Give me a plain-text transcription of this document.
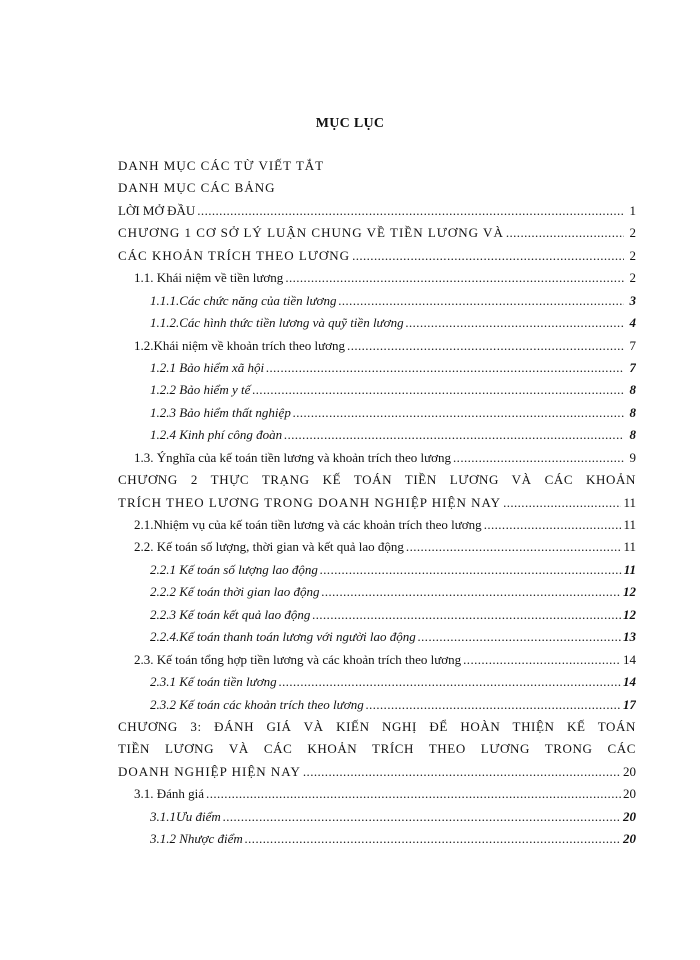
MỤC LỤC
DANH MỤC CÁC TỪ VIẾT TẮT
DANH MỤC CÁC BẢNG
LỜI MỞ ĐẦU .....	1
CHƯƠNG 1 CƠ SỞ LÝ LUẬN CHUNG VỀ TIỀN LƯƠNG VÀ .....	2
CÁC KHOẢN TRÍCH THEO LƯƠNG .....	2
1.1. Khái niệm về tiền lương .....	2
1.1.1.Các chức năng của tiền lương .....	3
1.1.2.Các hình thức tiền lương và quỹ tiền lương .....	4
1.2.Khái niệm về khoản trích theo lương .....	7
1.2.1 Bảo hiểm xã hội .....	7
1.2.2 Bảo hiểm y tế .....	8
1.2.3 Bảo hiểm thất nghiệp .....	8
1.2.4 Kinh phí công đoàn .....	8
1.3. Ýnghĩa của kế toán tiền lương và khoản trích theo lương .....	9
CHƯƠNG 2 THỰC TRẠNG KẾ TOÁN TIỀN LƯƠNG VÀ CÁC KHOẢN
TRÍCH THEO LƯƠNG TRONG DOANH NGHIỆP HIỆN NAY .....	11
2.1.Nhiệm vụ của kế toán tiền lương và các khoản trích theo lương .....	11
2.2. Kế toán số lượng, thời gian và kết quả lao động .....	11
2.2.1 Kế toán số lượng lao động .....	11
2.2.2 Kế toán thời gian lao động .....	12
2.2.3 Kế toán kết quả lao động .....	12
2.2.4.Kế toán thanh toán lương với người lao động .....	13
2.3. Kế toán tổng hợp tiền lương và các khoản trích theo lương .....	14
2.3.1 Kế toán tiền lương .....	14
2.3.2 Kế toán các khoản trích theo lương .....	17
CHƯƠNG 3: ĐÁNH GIÁ VÀ KIẾN NGHỊ ĐỂ HOÀN THIỆN KẾ TOÁN
TIỀN LƯƠNG VÀ CÁC KHOẢN TRÍCH THEO LƯƠNG TRONG CÁC
DOANH NGHIỆP HIỆN NAY .....	20
3.1. Đánh giá .....	20
3.1.1Ưu điểm .....	20
3.1.2 Nhược điểm .....	20
